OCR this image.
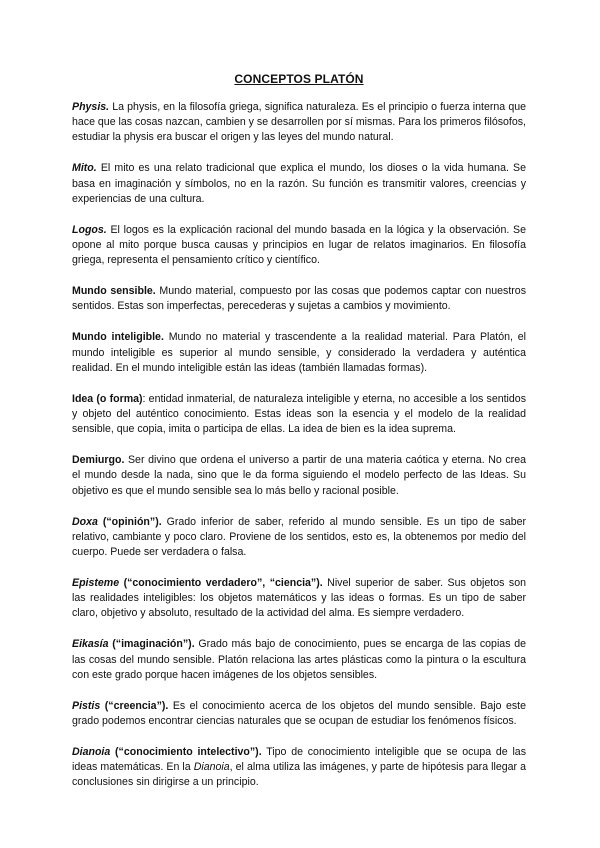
CONCEPTOS PLATÓN

Physis. La physis, en la filosofía griega, significa naturaleza. Es el principio o fuerza interna que hace que las cosas nazcan, cambien y se desarrollen por sí mismas. Para los primeros filósofos, estudiar la physis era buscar el origen y las leyes del mundo natural.

Mito. El mito es una relato tradicional que explica el mundo, los dioses o la vida humana. Se basa en imaginación y símbolos, no en la razón. Su función es transmitir valores, creencias y experiencias de una cultura.

Logos. El logos es la explicación racional del mundo basada en la lógica y la observación. Se opone al mito porque busca causas y principios en lugar de relatos imaginarios. En filosofía griega, representa el pensamiento crítico y científico.

Mundo sensible. Mundo material, compuesto por las cosas que podemos captar con nuestros sentidos. Estas son imperfectas, perecederas y sujetas a cambios y movimiento.

Mundo inteligible. Mundo no material y trascendente a la realidad material. Para Platón, el mundo inteligible es superior al mundo sensible, y considerado la verdadera y auténtica realidad. En el mundo inteligible están las ideas (también llamadas formas).

Idea (o forma): entidad inmaterial, de naturaleza inteligible y eterna, no accesible a los sentidos y objeto del auténtico conocimiento. Estas ideas son la esencia y el modelo de la realidad sensible, que copia, imita o participa de ellas. La idea de bien es la idea suprema.

Demiurgo. Ser divino que ordena el universo a partir de una materia caótica y eterna. No crea el mundo desde la nada, sino que le da forma siguiendo el modelo perfecto de las Ideas. Su objetivo es que el mundo sensible sea lo más bello y racional posible.

Doxa (“opinión”). Grado inferior de saber, referido al mundo sensible. Es un tipo de saber relativo, cambiante y poco claro. Proviene de los sentidos, esto es, la obtenemos por medio del cuerpo. Puede ser verdadera o falsa.

Episteme (“conocimiento verdadero”, “ciencia”). Nivel superior de saber. Sus objetos son las realidades inteligibles: los objetos matemáticos y las ideas o formas. Es un tipo de saber claro, objetivo y absoluto, resultado de la actividad del alma. Es siempre verdadero.

Eikasía (“imaginación”). Grado más bajo de conocimiento, pues se encarga de las copias de las cosas del mundo sensible. Platón relaciona las artes plásticas como la pintura o la escultura con este grado porque hacen imágenes de los objetos sensibles.

Pistis (“creencia”). Es el conocimiento acerca de los objetos del mundo sensible. Bajo este grado podemos encontrar ciencias naturales que se ocupan de estudiar los fenómenos físicos.

Dianoia (“conocimiento intelectivo”). Tipo de conocimiento inteligible que se ocupa de las ideas matemáticas. En la Dianoia, el alma utiliza las imágenes, y parte de hipótesis para llegar a conclusiones sin dirigirse a un principio.
